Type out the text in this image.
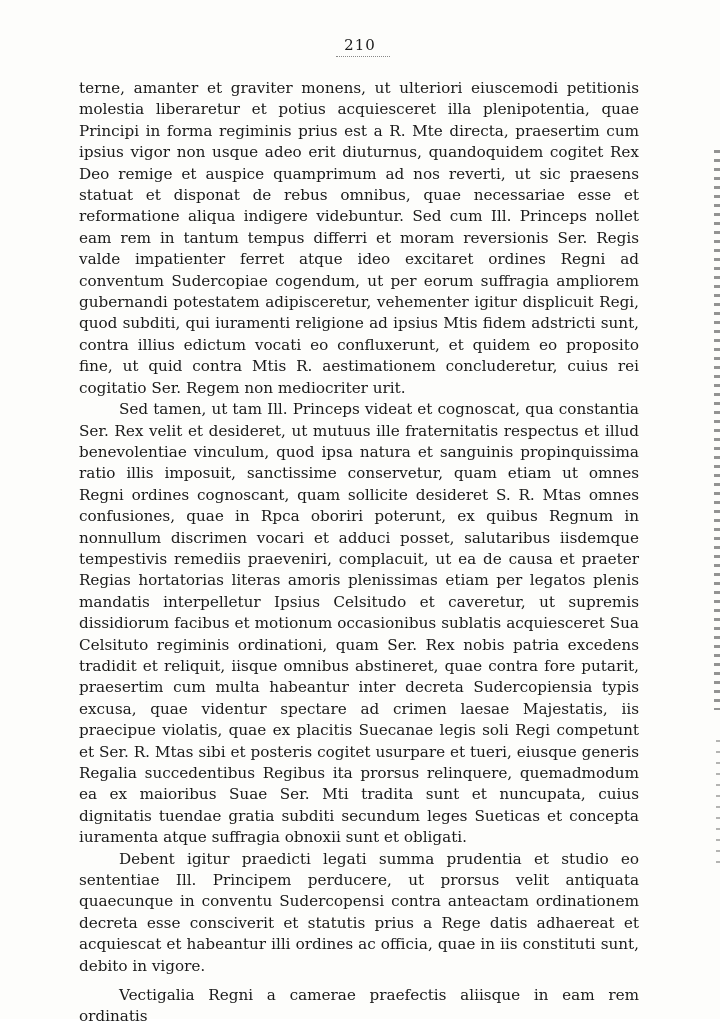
210

terne, amanter et graviter monens, ut ulteriori eiuscemodi petitionis molestia liberaretur et potius acquiesceret illa plenipotentia, quae Principi in forma regiminis prius est a R. Mte directa, praesertim cum ipsius vigor non usque adeo erit diuturnus, quandoquidem cogitet Rex Deo remige et auspice quamprimum ad nos reverti, ut sic praesens statuat et disponat de rebus omnibus, quae necessariae esse et reformatione aliqua indigere videbuntur. Sed cum Ill. Princeps nollet eam rem in tantum tempus differri et moram reversionis Ser. Regis valde impatienter ferret atque ideo excitaret ordines Regni ad conventum Sudercopiae cogendum, ut per eorum suffragia ampliorem gubernandi potestatem adipisceretur, vehementer igitur displicuit Regi, quod subditi, qui iuramenti religione ad ipsius Mtis fidem adstricti sunt, contra illius edictum vocati eo confluxerunt, et quidem eo proposito fine, ut quid contra Mtis R. aestimationem concluderetur, cuius rei cogitatio Ser. Regem non mediocriter urit.

Sed tamen, ut tam Ill. Princeps videat et cognoscat, qua constantia Ser. Rex velit et desideret, ut mutuus ille fraternitatis respectus et illud benevolentiae vinculum, quod ipsa natura et sanguinis propinquissima ratio illis imposuit, sanctissime conservetur, quam etiam ut omnes Regni ordines cognoscant, quam sollicite desideret S. R. Mtas omnes confusiones, quae in Rpca oboriri poterunt, ex quibus Regnum in nonnullum discrimen vocari et adduci posset, salutaribus iisdemque tempestivis remediis praeveniri, complacuit, ut ea de causa et praeter Regias hortatorias literas amoris plenissimas etiam per legatos plenis mandatis interpelletur Ipsius Celsitudo et caveretur, ut supremis dissidiorum facibus et motionum occasionibus sublatis acquiesceret Sua Celsituto regiminis ordinationi, quam Ser. Rex nobis patria excedens tradidit et reliquit, iisque omnibus abstineret, quae contra fore putarit, praesertim cum multa habeantur inter decreta Sudercopiensia typis excusa, quae videntur spectare ad crimen laesae Majestatis, iis praecipue violatis, quae ex placitis Suecanae legis soli Regi competunt et Ser. R. Mtas sibi et posteris cogitet usurpare et tueri, eiusque generis Regalia succedentibus Regibus ita prorsus relinquere, quemadmodum ea ex maioribus Suae Ser. Mti tradita sunt et nuncupata, cuius dignitatis tuendae gratia subditi secundum leges Sueticas et concepta iuramenta atque suffragia obnoxii sunt et obligati.

Debent igitur praedicti legati summa prudentia et studio eo sententiae Ill. Principem perducere, ut prorsus velit antiquata quaecunque in conventu Sudercopensi contra anteactam ordinationem decreta esse consciverit et statutis prius a Rege datis adhaereat et acquiescat et habeantur illi ordines ac officia, quae in iis constituti sunt, debito in vigore.

Vectigalia Regni a camerae praefectis aliisque in eam rem ordinatis
